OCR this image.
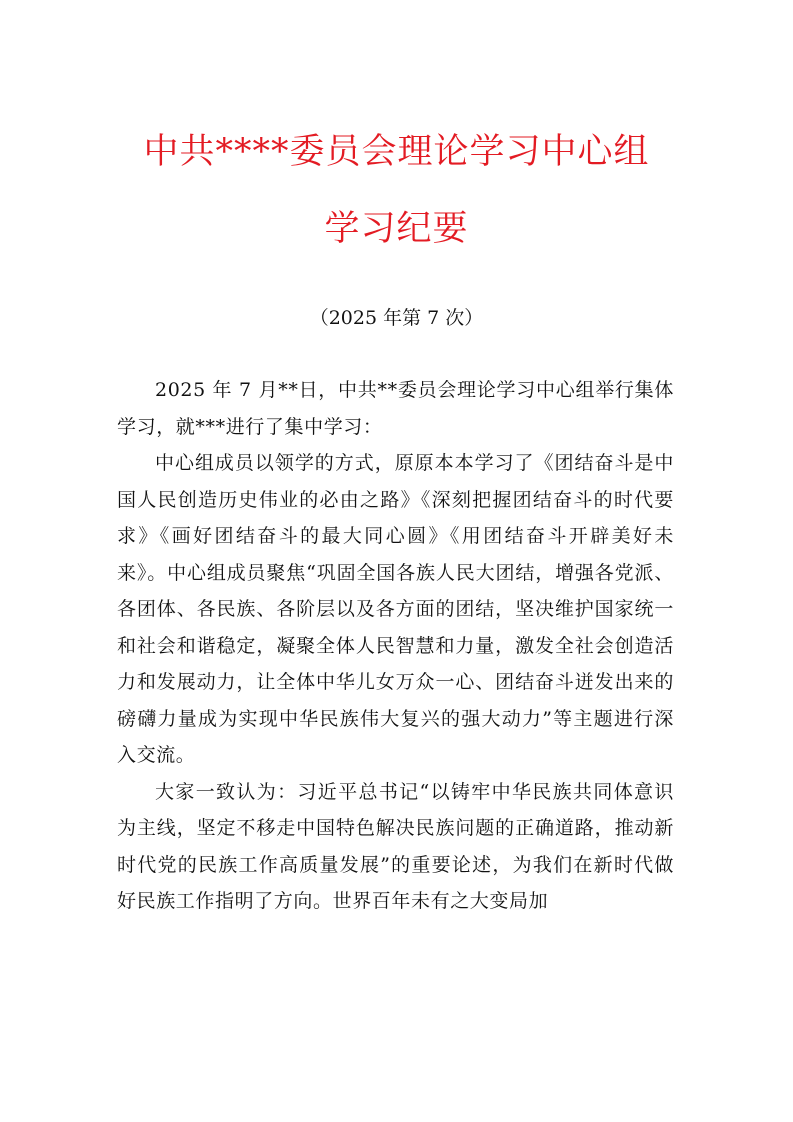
中共****委员会理论学习中心组
学习纪要
（2025 年第 7 次）

2025 年 7 月**日，中共**委员会理论学习中心组举行集体学习，就***进行了集中学习：

中心组成员以领学的方式，原原本本学习了《团结奋斗是中国人民创造历史伟业的必由之路》《深刻把握团结奋斗的时代要求》《画好团结奋斗的最大同心圆》《用团结奋斗开辟美好未来》。中心组成员聚焦“巩固全国各族人民大团结，增强各党派、各团体、各民族、各阶层以及各方面的团结，坚决维护国家统一和社会和谐稳定，凝聚全体人民智慧和力量，激发全社会创造活力和发展动力，让全体中华儿女万众一心、团结奋斗迸发出来的磅礴力量成为实现中华民族伟大复兴的强大动力”等主题进行深入交流。

大家一致认为：习近平总书记“以铸牢中华民族共同体意识为主线，坚定不移走中国特色解决民族问题的正确道路，推动新时代党的民族工作高质量发展”的重要论述，为我们在新时代做好民族工作指明了方向。世界百年未有之大变局加
